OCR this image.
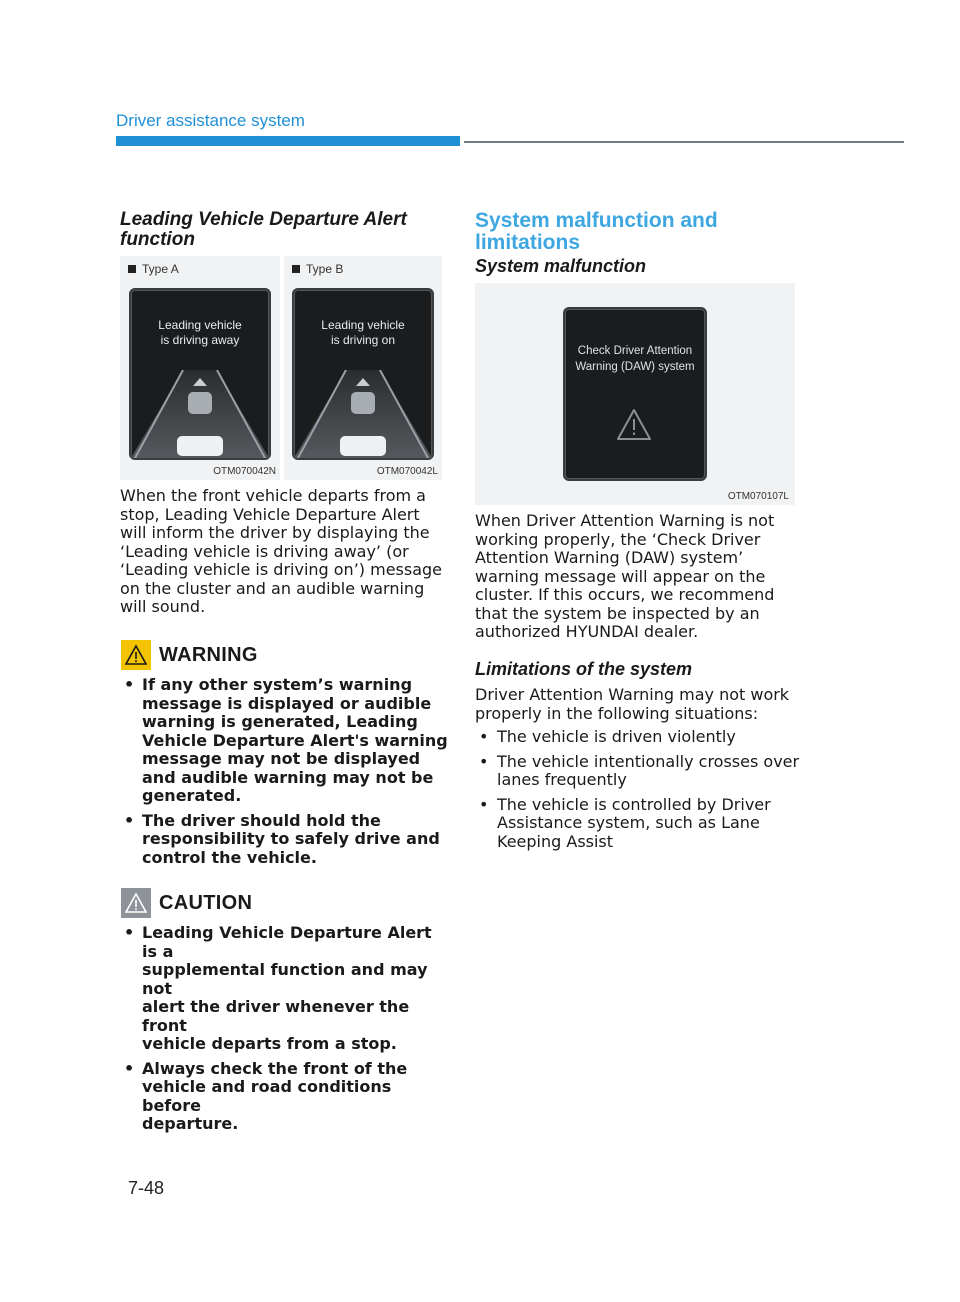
Driver assistance system
Leading Vehicle Departure Alert
function
Type A
Leading vehicle
is driving away
OTM070042N
Type B
Leading vehicle
is driving on
OTM070042L
When the front vehicle departs from a
stop, Leading Vehicle Departure Alert
will inform the driver by displaying the
‘Leading vehicle is driving away’ (or
‘Leading vehicle is driving on’) message
on the cluster and an audible warning
will sound.
WARNING
• If any other system’s warning
message is displayed or audible
warning is generated, Leading
Vehicle Departure Alert's warning
message may not be displayed
and audible warning may not be
generated.
• The driver should hold the
responsibility to safely drive and
control the vehicle.
CAUTION
• Leading Vehicle Departure Alert is a
supplemental function and may not
alert the driver whenever the front
vehicle departs from a stop.
• Always check the front of the
vehicle and road conditions before
departure.
System malfunction and
limitations
System malfunction
Check Driver Attention
Warning (DAW) system
OTM070107L
When Driver Attention Warning is not
working properly, the ‘Check Driver
Attention Warning (DAW) system’
warning message will appear on the
cluster. If this occurs, we recommend
that the system be inspected by an
authorized HYUNDAI dealer.
Limitations of the system
Driver Attention Warning may not work
properly in the following situations:
• The vehicle is driven violently
• The vehicle intentionally crosses over
lanes frequently
• The vehicle is controlled by Driver
Assistance system, such as Lane
Keeping Assist
7-48
